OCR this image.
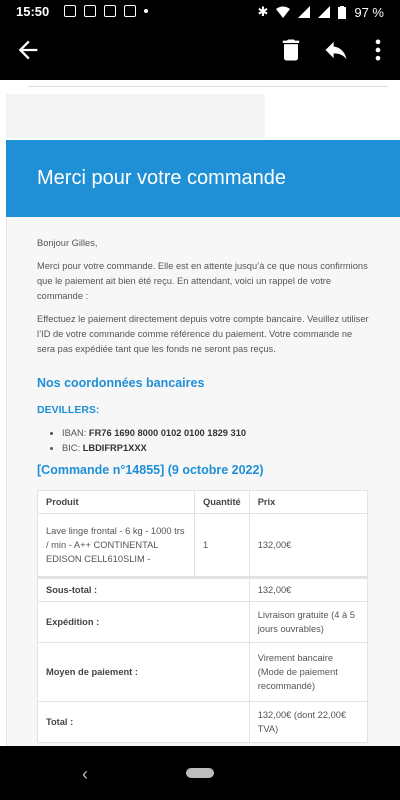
15:50	✱	97 %
Merci pour votre commande

Bonjour Gilles,

Merci pour votre commande. Elle est en attente jusqu’à ce que nous confirmions que le paiement ait bien été reçu. En attendant, voici un rappel de votre commande :

Effectuez le paiement directement depuis votre compte bancaire. Veuillez utiliser l’ID de votre commande comme référence du paiement. Votre commande ne sera pas expédiée tant que les fonds ne seront pas reçus.

Nos coordonnées bancaires
DEVILLERS:
• IBAN: FR76 1690 8000 0102 0100 1829 310
• BIC: LBDIFRP1XXX
[Commande n°14855] (9 octobre 2022)
Produit	Quantité	Prix
Lave linge frontal - 6 kg - 1000 trs / min - A++ CONTINENTAL EDISON CELL610SLIM -	1	132,00€
Sous-total :		132,00€
Expédition :		Livraison gratuite (4 à 5 jours ouvrables)
Moyen de paiement :		Virement bancaire (Mode de paiement recommandé)
Total :		132,00€ (dont 22,00€ TVA)
‹
